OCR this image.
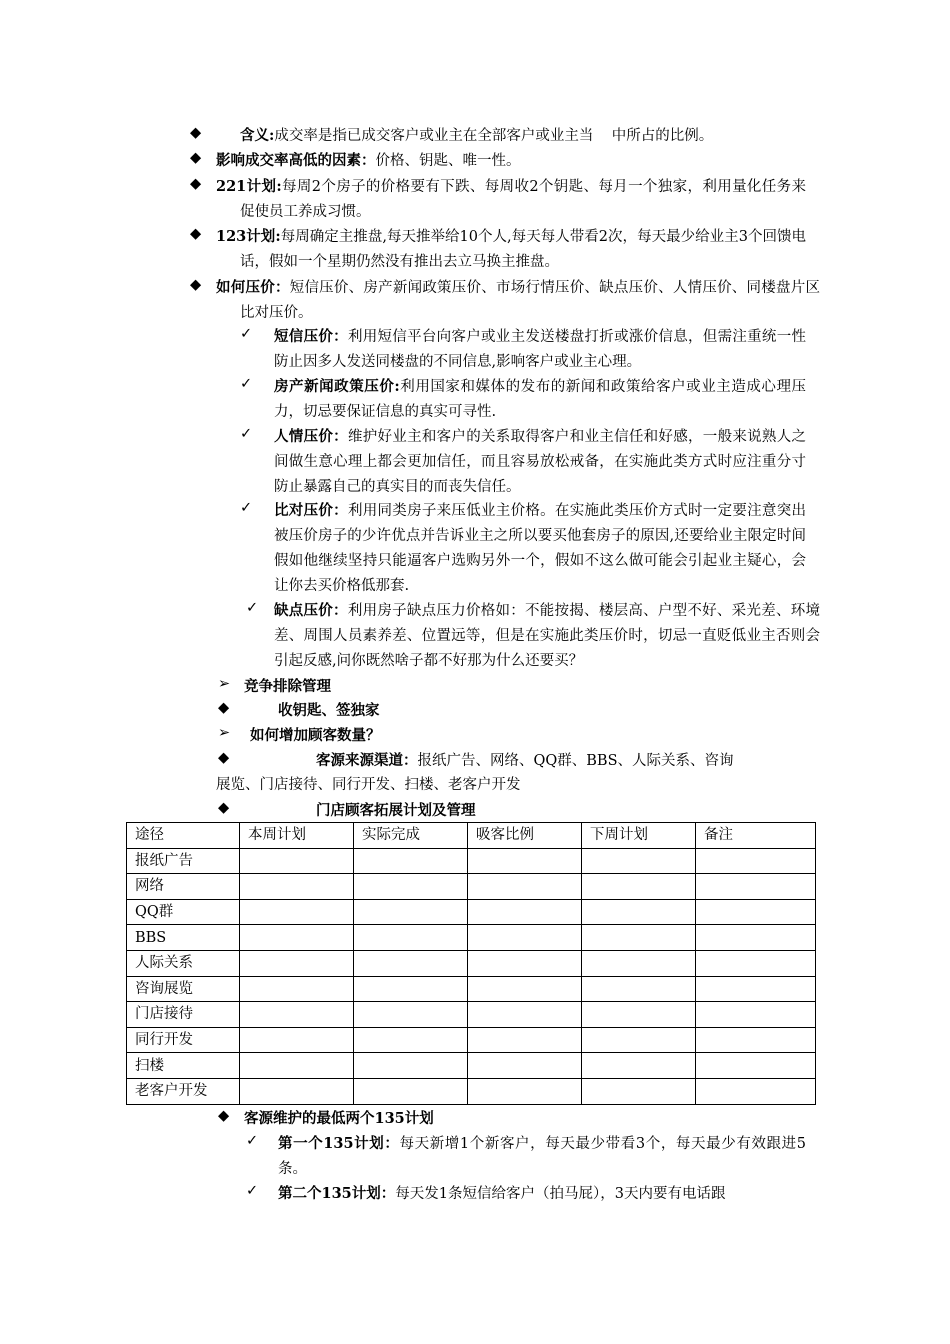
◆	含义:成交率是指已成交客户或业主在全部客户或业主当    中所占的比例。
◆ 影响成交率高低的因素：价格、钥匙、唯一性。
◆ 221计划:每周2个房子的价格要有下跌、每周收2个钥匙、每月一个独家，利用量化任务来促使员工养成习惯。
◆ 123计划:每周确定主推盘,每天推举给10个人,每天每人带看2次，每天最少给业主3个回馈电话，假如一个星期仍然没有推出去立马换主推盘。
◆ 如何压价：短信压价、房产新闻政策压价、市场行情压价、缺点压价、人情压价、同楼盘片区比对压价。
✓ 短信压价：利用短信平台向客户或业主发送楼盘打折或涨价信息，但需注重统一性防止因多人发送同楼盘的不同信息,影响客户或业主心理。
✓ 房产新闻政策压价:利用国家和媒体的发布的新闻和政策给客户或业主造成心理压力，切忌要保证信息的真实可寻性.
✓ 人情压价：维护好业主和客户的关系取得客户和业主信任和好感，一般来说熟人之间做生意心理上都会更加信任，而且容易放松戒备，在实施此类方式时应注重分寸防止暴露自己的真实目的而丧失信任。
✓ 比对压价：利用同类房子来压低业主价格。在实施此类压价方式时一定要注意突出被压价房子的少许优点并告诉业主之所以要买他套房子的原因,还要给业主限定时间假如他继续坚持只能逼客户选购另外一个，假如不这么做可能会引起业主疑心，会让你去买价格低那套.
✓ 缺点压价：利用房子缺点压力价格如：不能按揭、楼层高、户型不好、采光差、环境差、周围人员素养差、位置远等，但是在实施此类压价时，切忌一直贬低业主否则会引起反感,问你既然啥子都不好那为什么还要买？
➢ 竞争排除管理
◆	收钥匙、签独家
➢ 如何增加顾客数量？
◆	客源来源渠道：报纸广告、网络、QQ群、BBS、人际关系、咨询
展览、门店接待、同行开发、扫楼、老客户开发
◆	门店顾客拓展计划及管理
途径	本周计划	实际完成	吸客比例	下周计划	备注
报纸广告					
网络					
QQ群					
BBS					
人际关系					
咨询展览					
门店接待					
同行开发					
扫楼					
老客户开发					
◆ 客源维护的最低两个135计划
✓ 第一个135计划：每天新增1个新客户，每天最少带看3个，每天最少有效跟进5条。
✓ 第二个135计划：每天发1条短信给客户（拍马屁），3天内要有电话跟
